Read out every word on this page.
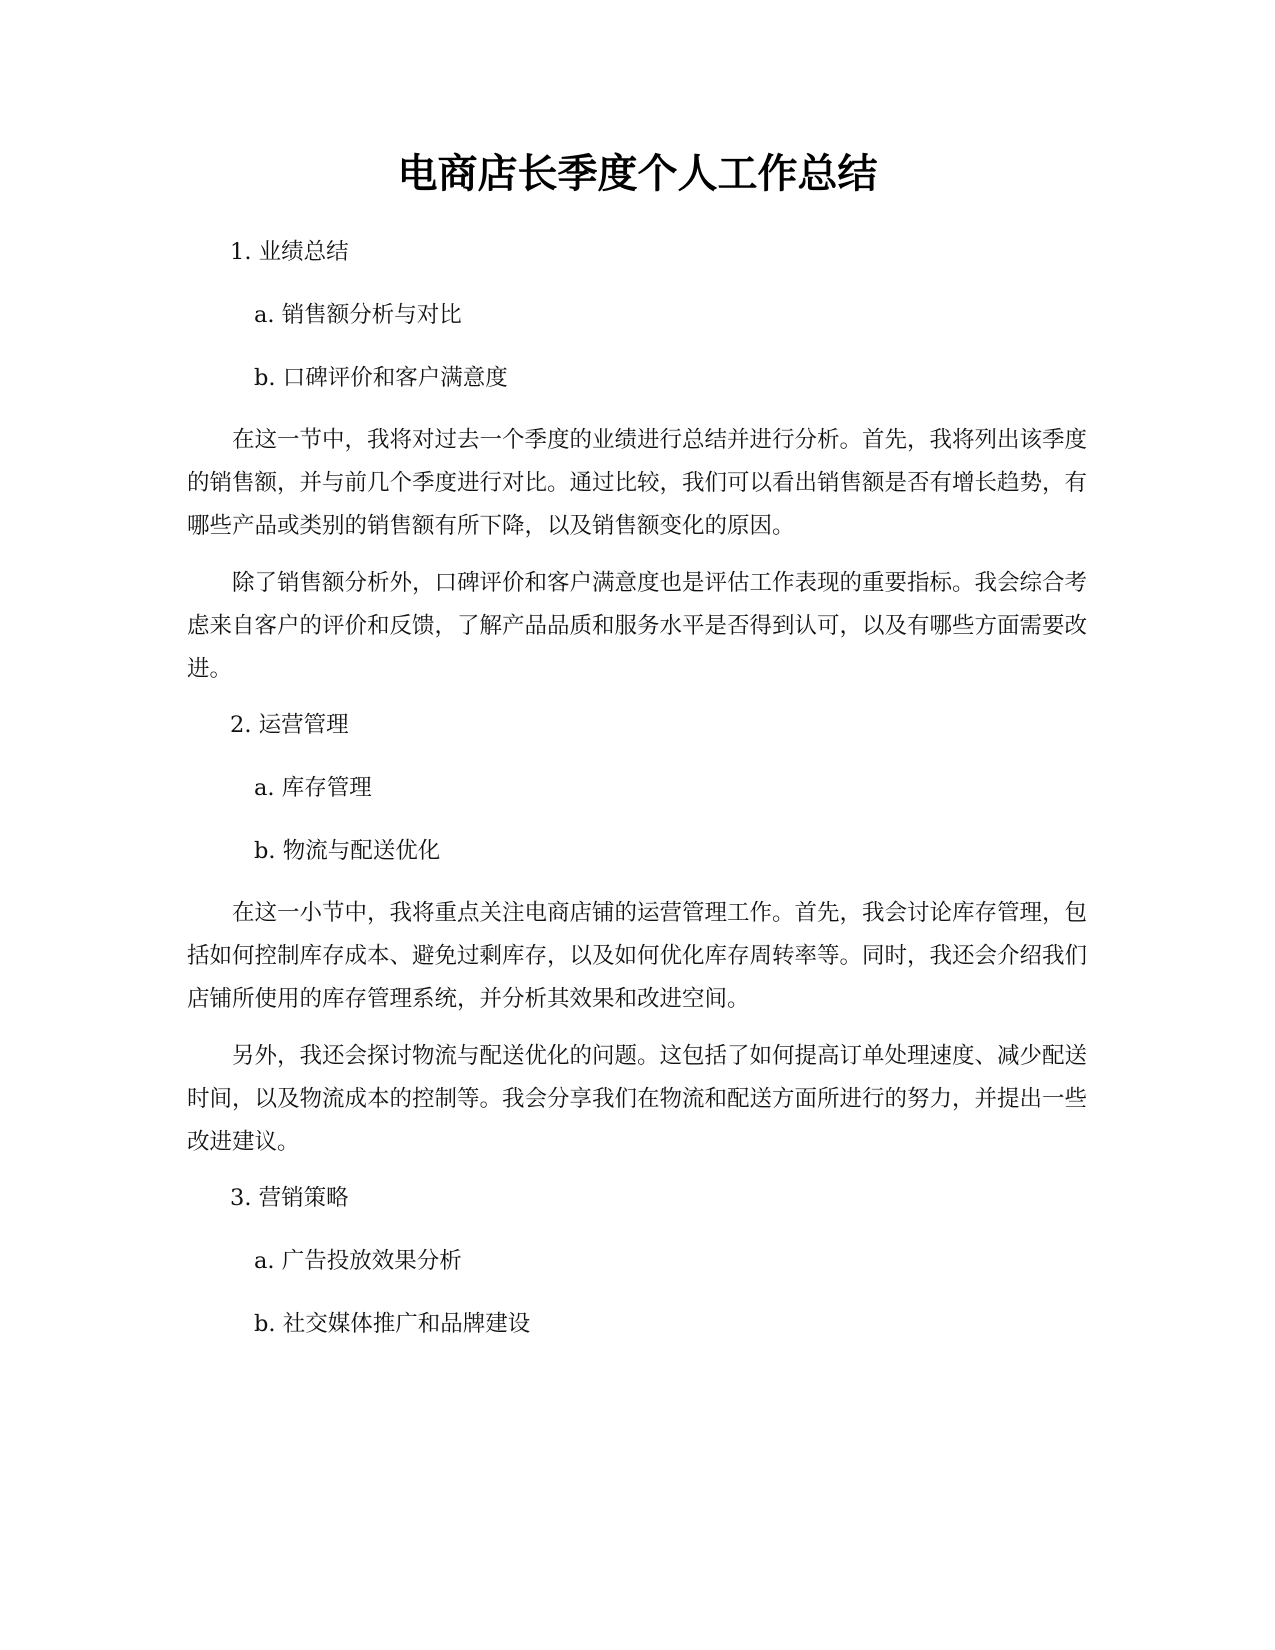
电商店长季度个人工作总结

1. 业绩总结

a. 销售额分析与对比

b. 口碑评价和客户满意度

在这一节中，我将对过去一个季度的业绩进行总结并进行分析。首先，我将列出该季度的销售额，并与前几个季度进行对比。通过比较，我们可以看出销售额是否有增长趋势，有哪些产品或类别的销售额有所下降，以及销售额变化的原因。

除了销售额分析外，口碑评价和客户满意度也是评估工作表现的重要指标。我会综合考虑来自客户的评价和反馈，了解产品品质和服务水平是否得到认可，以及有哪些方面需要改进。

2. 运营管理

a. 库存管理

b. 物流与配送优化

在这一小节中，我将重点关注电商店铺的运营管理工作。首先，我会讨论库存管理，包括如何控制库存成本、避免过剩库存，以及如何优化库存周转率等。同时，我还会介绍我们店铺所使用的库存管理系统，并分析其效果和改进空间。

另外，我还会探讨物流与配送优化的问题。这包括了如何提高订单处理速度、减少配送时间，以及物流成本的控制等。我会分享我们在物流和配送方面所进行的努力，并提出一些改进建议。

3. 营销策略

a. 广告投放效果分析

b. 社交媒体推广和品牌建设
